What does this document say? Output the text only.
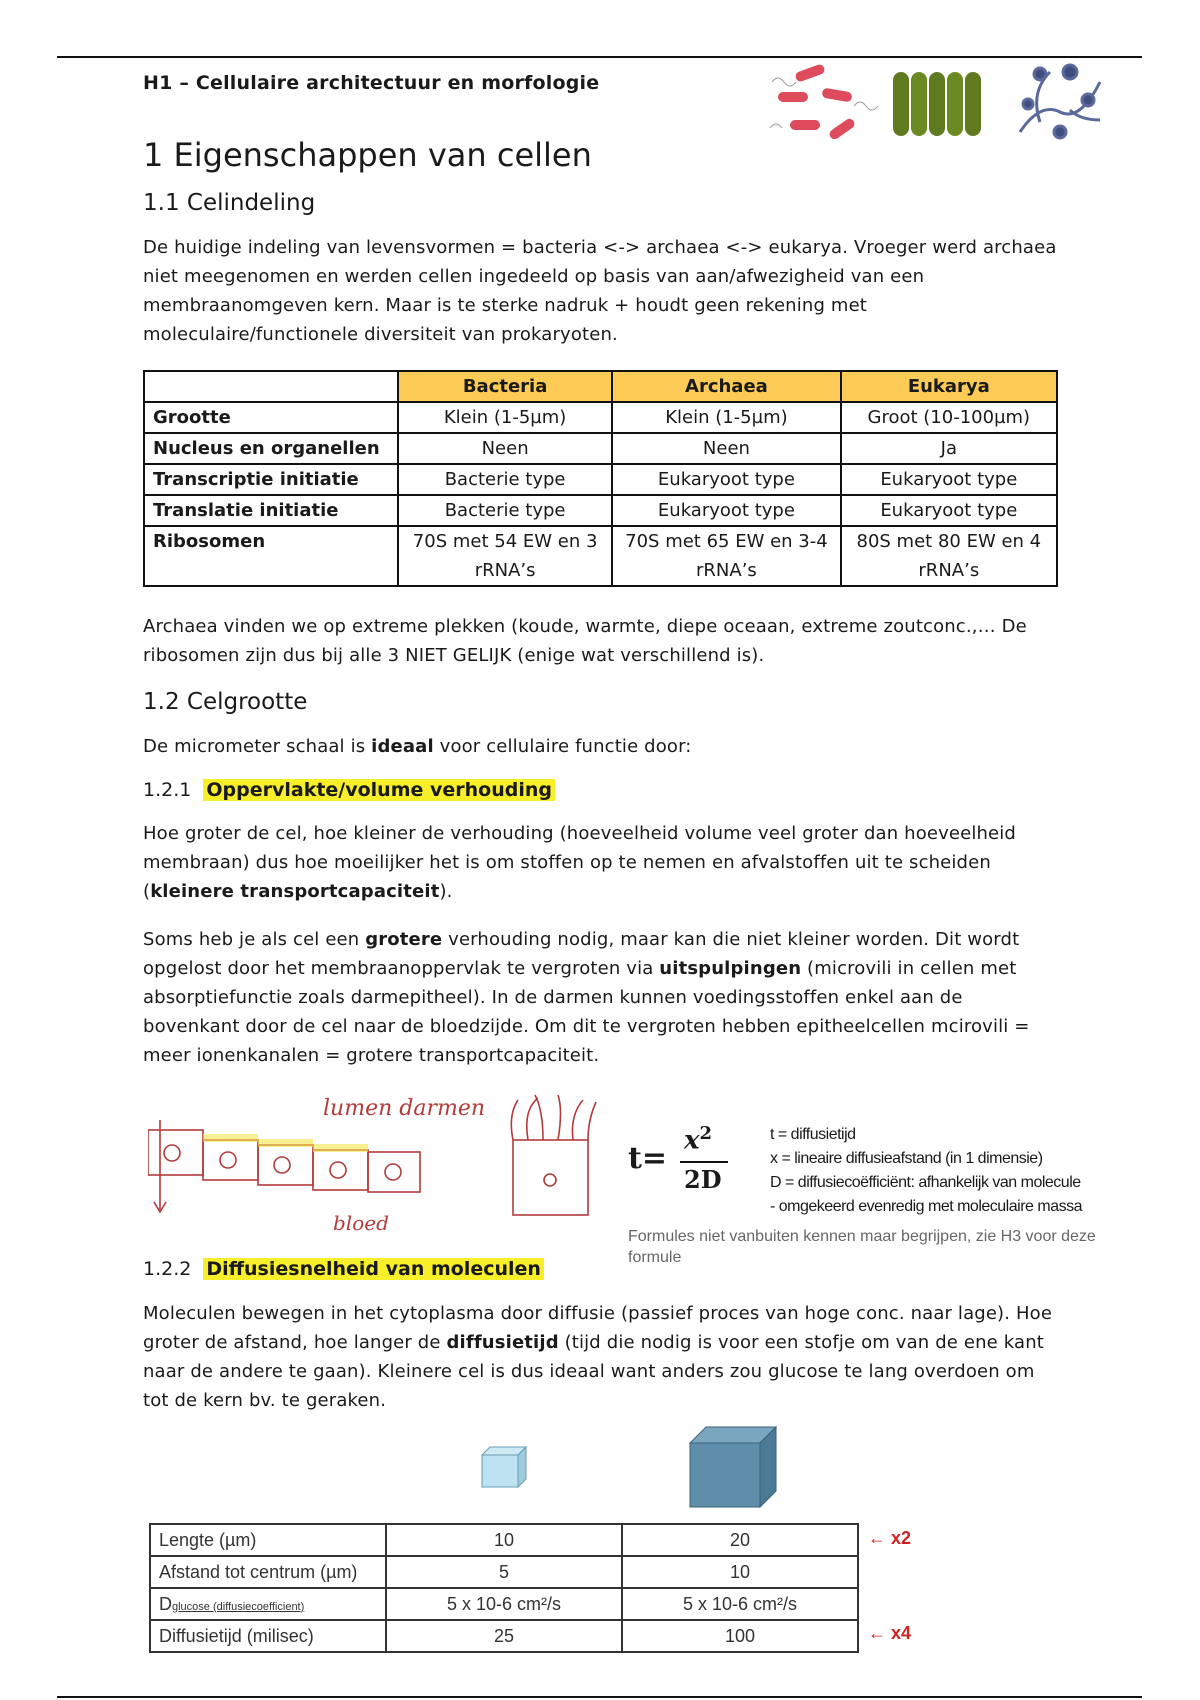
H1 – Cellulaire architectuur en morfologie
1 Eigenschappen van cellen
1.1 Celindeling
De huidige indeling van levensvormen = bacteria <-> archaea <-> eukarya. Vroeger werd archaea niet meegenomen en werden cellen ingedeeld op basis van aan/afwezigheid van een membraanomgeven kern. Maar is te sterke nadruk + houdt geen rekening met moleculaire/functionele diversiteit van prokaryoten.
	Bacteria	Archaea	Eukarya
Grootte	Klein (1-5µm)	Klein (1-5µm)	Groot (10-100µm)
Nucleus en organellen	Neen	Neen	Ja
Transcriptie initiatie	Bacterie type	Eukaryoot type	Eukaryoot type
Translatie initiatie	Bacterie type	Eukaryoot type	Eukaryoot type
Ribosomen	70S met 54 EW en 3 rRNA’s	70S met 65 EW en 3-4 rRNA’s	80S met 80 EW en 4 rRNA’s
Archaea vinden we op extreme plekken (koude, warmte, diepe oceaan, extreme zoutconc.,… De ribosomen zijn dus bij alle 3 NIET GELIJK (enige wat verschillend is).
1.2 Celgrootte
De micrometer schaal is ideaal voor cellulaire functie door:
1.2.1 Oppervlakte/volume verhouding
Hoe groter de cel, hoe kleiner de verhouding (hoeveelheid volume veel groter dan hoeveelheid membraan) dus hoe moeilijker het is om stoffen op te nemen en afvalstoffen uit te scheiden (kleinere transportcapaciteit).
Soms heb je als cel een grotere verhouding nodig, maar kan die niet kleiner worden. Dit wordt opgelost door het membraanoppervlak te vergroten via uitspulpingen (microvili in cellen met absorptiefunctie zoals darmepitheel). In de darmen kunnen voedingsstoffen enkel aan de bovenkant door de cel naar de bloedzijde. Om dit te vergroten hebben epitheelcellen mcirovili = meer ionenkanalen = grotere transportcapaciteit.
lumen darmen
bloed
t=
$x^2$
2D
t = diffusietijd
x = lineaire diffusieafstand (in 1 dimensie)
D = diffusiecoëfficiënt: afhankelijk van molecule
- omgekeerd evenredig met moleculaire massa
Formules niet vanbuiten kennen maar begrijpen, zie H3 voor deze formule
1.2.2 Diffusiesnelheid van moleculen
Moleculen bewegen in het cytoplasma door diffusie (passief proces van hoge conc. naar lage). Hoe groter de afstand, hoe langer de diffusietijd (tijd die nodig is voor een stofje om van de ene kant naar de andere te gaan). Kleinere cel is dus ideaal want anders zou glucose te lang overdoen om tot de kern bv. te geraken.
Lengte (µm)	10	20
Afstand tot centrum (µm)	5	10
Dglucose (diffusiecoefficient)	5 x 10-6 cm²/s	5 x 10-6 cm²/s
Diffusietijd (milisec)	25	100
← x2
← x4
